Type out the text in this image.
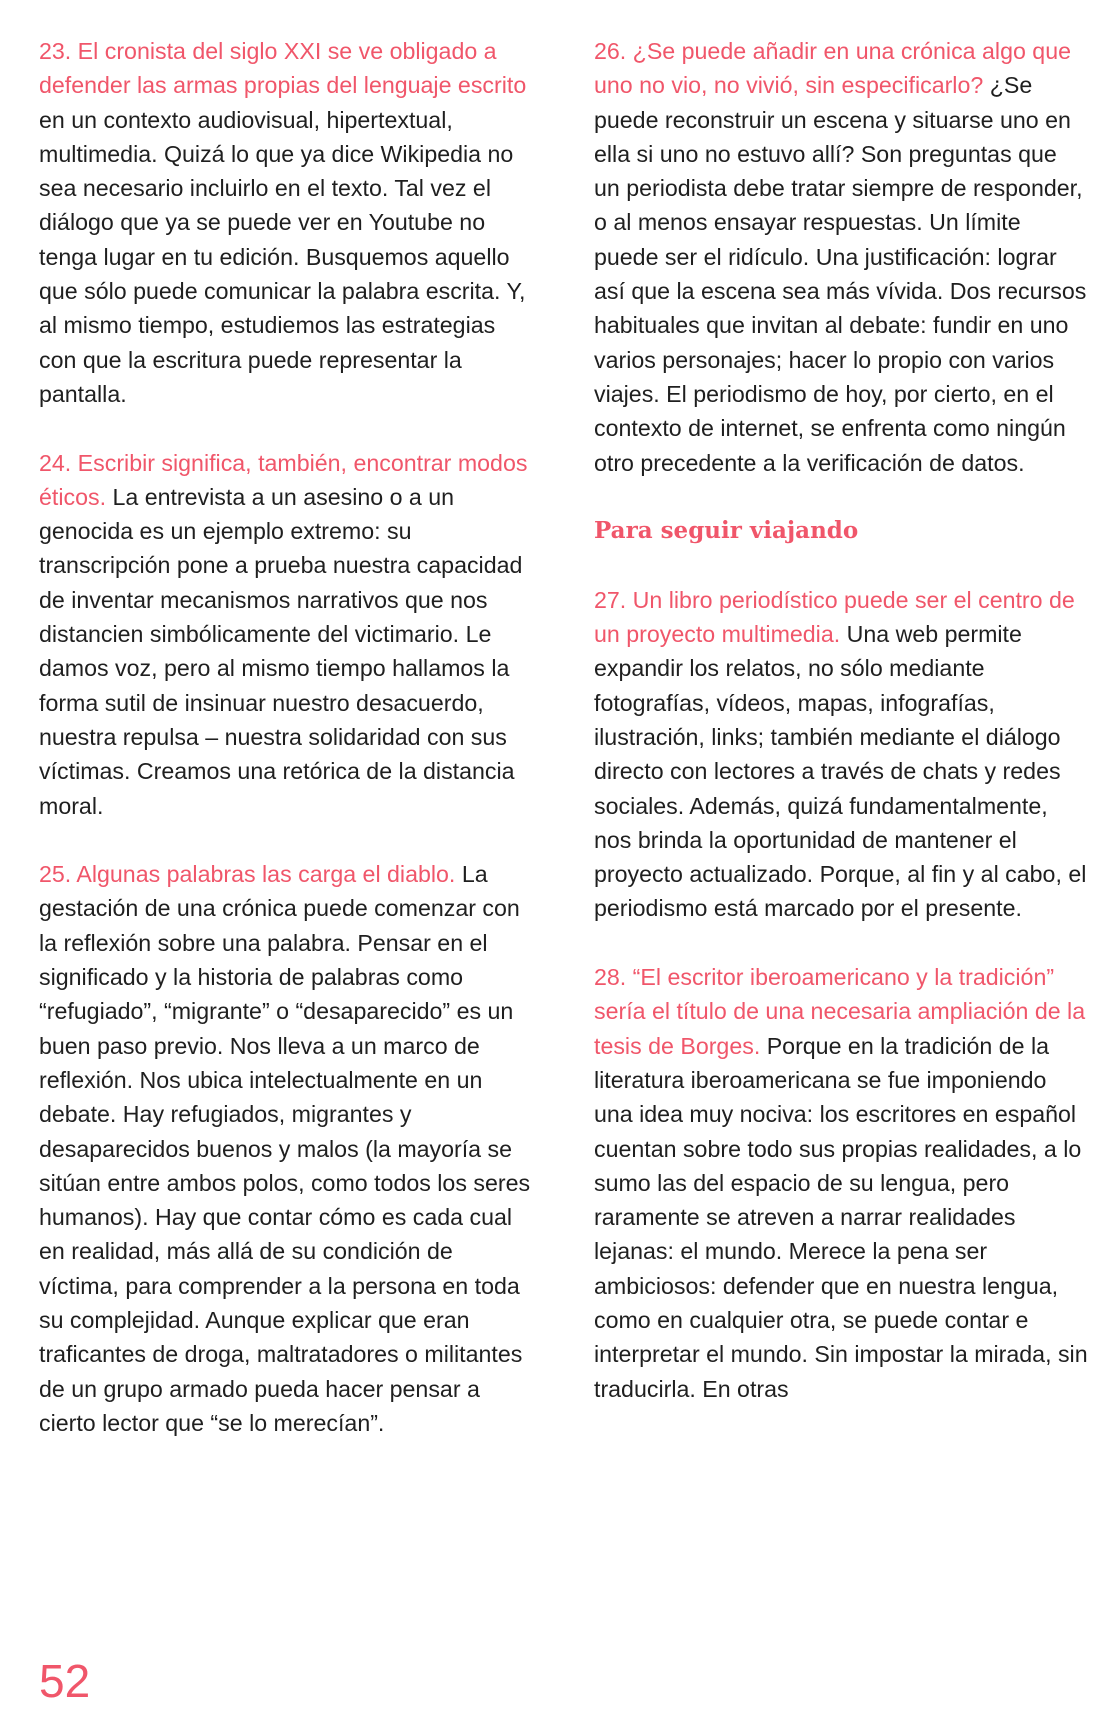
23. El cronista del siglo XXI se ve obligado a defender las armas propias del lenguaje escrito en un contexto audiovisual, hipertextual, multimedia. Quizá lo que ya dice Wikipedia no sea necesario incluirlo en el texto. Tal vez el diálogo que ya se puede ver en Youtube no tenga lugar en tu edición. Busquemos aquello que sólo puede comunicar la palabra escrita. Y, al mismo tiempo, estudiemos las estrategias con que la escritura puede representar la pantalla.

24. Escribir significa, también, encontrar modos éticos. La entrevista a un asesino o a un genocida es un ejemplo extremo: su transcripción pone a prueba nuestra capacidad de inventar mecanismos narrativos que nos distancien simbólicamente del victimario. Le damos voz, pero al mismo tiempo hallamos la forma sutil de insinuar nuestro desacuerdo, nuestra repulsa – nuestra solidaridad con sus víctimas. Creamos una retórica de la distancia moral.

25. Algunas palabras las carga el diablo. La gestación de una crónica puede comenzar con la reflexión sobre una palabra. Pensar en el significado y la historia de palabras como “refugiado”, “migrante” o “desaparecido” es un buen paso previo. Nos lleva a un marco de reflexión. Nos ubica intelectualmente en un debate. Hay refugiados, migrantes y desaparecidos buenos y malos (la mayoría se sitúan entre ambos polos, como todos los seres humanos). Hay que contar cómo es cada cual en realidad, más allá de su condición de víctima, para comprender a la persona en toda su complejidad. Aunque explicar que eran traficantes de droga, maltratadores o militantes de un grupo armado pueda hacer pensar a cierto lector que “se lo merecían”.

26. ¿Se puede añadir en una crónica algo que uno no vio, no vivió, sin especificarlo? ¿Se puede reconstruir un escena y situarse uno en ella si uno no estuvo allí? Son preguntas que un periodista debe tratar siempre de responder, o al menos ensayar respuestas. Un límite puede ser el ridículo. Una justificación: lograr así que la escena sea más vívida. Dos recursos habituales que invitan al debate: fundir en uno varios personajes; hacer lo propio con varios viajes. El periodismo de hoy, por cierto, en el contexto de internet, se enfrenta como ningún otro precedente a la verificación de datos.

Para seguir viajando

27. Un libro periodístico puede ser el centro de un proyecto multimedia. Una web permite expandir los relatos, no sólo mediante fotografías, vídeos, mapas, infografías, ilustración, links; también mediante el diálogo directo con lectores a través de chats y redes sociales. Además, quizá fundamentalmente, nos brinda la oportunidad de mantener el proyecto actualizado. Porque, al fin y al cabo, el periodismo está marcado por el presente.

28. “El escritor iberoamericano y la tradición” sería el título de una necesaria ampliación de la tesis de Borges. Porque en la tradición de la literatura iberoamericana se fue imponiendo una idea muy nociva: los escritores en español cuentan sobre todo sus propias realidades, a lo sumo las del espacio de su lengua, pero raramente se atreven a narrar realidades lejanas: el mundo. Merece la pena ser ambiciosos: defender que en nuestra lengua, como en cualquier otra, se puede contar e interpretar el mundo. Sin impostar la mirada, sin traducirla. En otras

52
